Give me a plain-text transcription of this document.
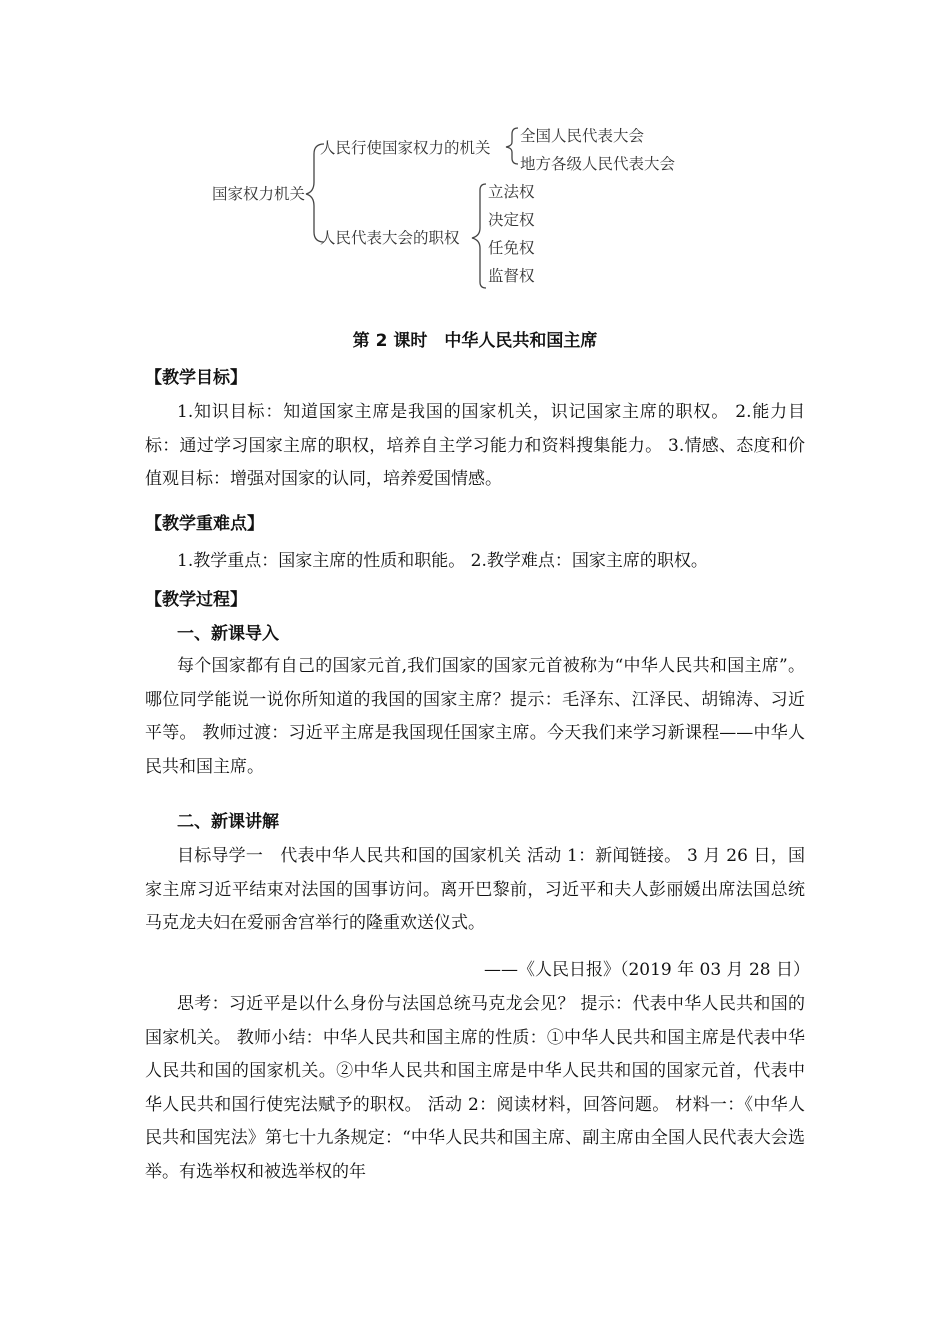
国家权力机关
人民行使国家权力的机关
全国人民代表大会
地方各级人民代表大会
人民代表大会的职权
立法权
决定权
任免权
监督权
第 2 课时　中华人民共和国主席
【教学目标】
1.知识目标：知道国家主席是我国的国家机关，识记国家主席的职权。 2.能力目标：通过学习国家主席的职权，培养自主学习能力和资料搜集能力。 3.情感、态度和价值观目标：增强对国家的认同，培养爱国情感。
【教学重难点】
1.教学重点：国家主席的性质和职能。 2.教学难点：国家主席的职权。
【教学过程】
一、新课导入
每个国家都有自己的国家元首,我们国家的国家元首被称为“中华人民共和国主席”。哪位同学能说一说你所知道的我国的国家主席？提示：毛泽东、江泽民、胡锦涛、习近平等。 教师过渡：习近平主席是我国现任国家主席。今天我们来学习新课程——中华人民共和国主席。
二、新课讲解
目标导学一　代表中华人民共和国的国家机关 活动 1：新闻链接。 3 月 26 日，国家主席习近平结束对法国的国事访问。离开巴黎前，习近平和夫人彭丽媛出席法国总统马克龙夫妇在爱丽舍宫举行的隆重欢送仪式。
——《人民日报》（2019 年 03 月 28 日）
思考：习近平是以什么身份与法国总统马克龙会见？ 提示：代表中华人民共和国的国家机关。 教师小结：中华人民共和国主席的性质：①中华人民共和国主席是代表中华人民共和国的国家机关。②中华人民共和国主席是中华人民共和国的国家元首，代表中华人民共和国行使宪法赋予的职权。 活动 2：阅读材料，回答问题。 材料一：《中华人民共和国宪法》第七十九条规定：“中华人民共和国主席、副主席由全国人民代表大会选举。有选举权和被选举权的年
